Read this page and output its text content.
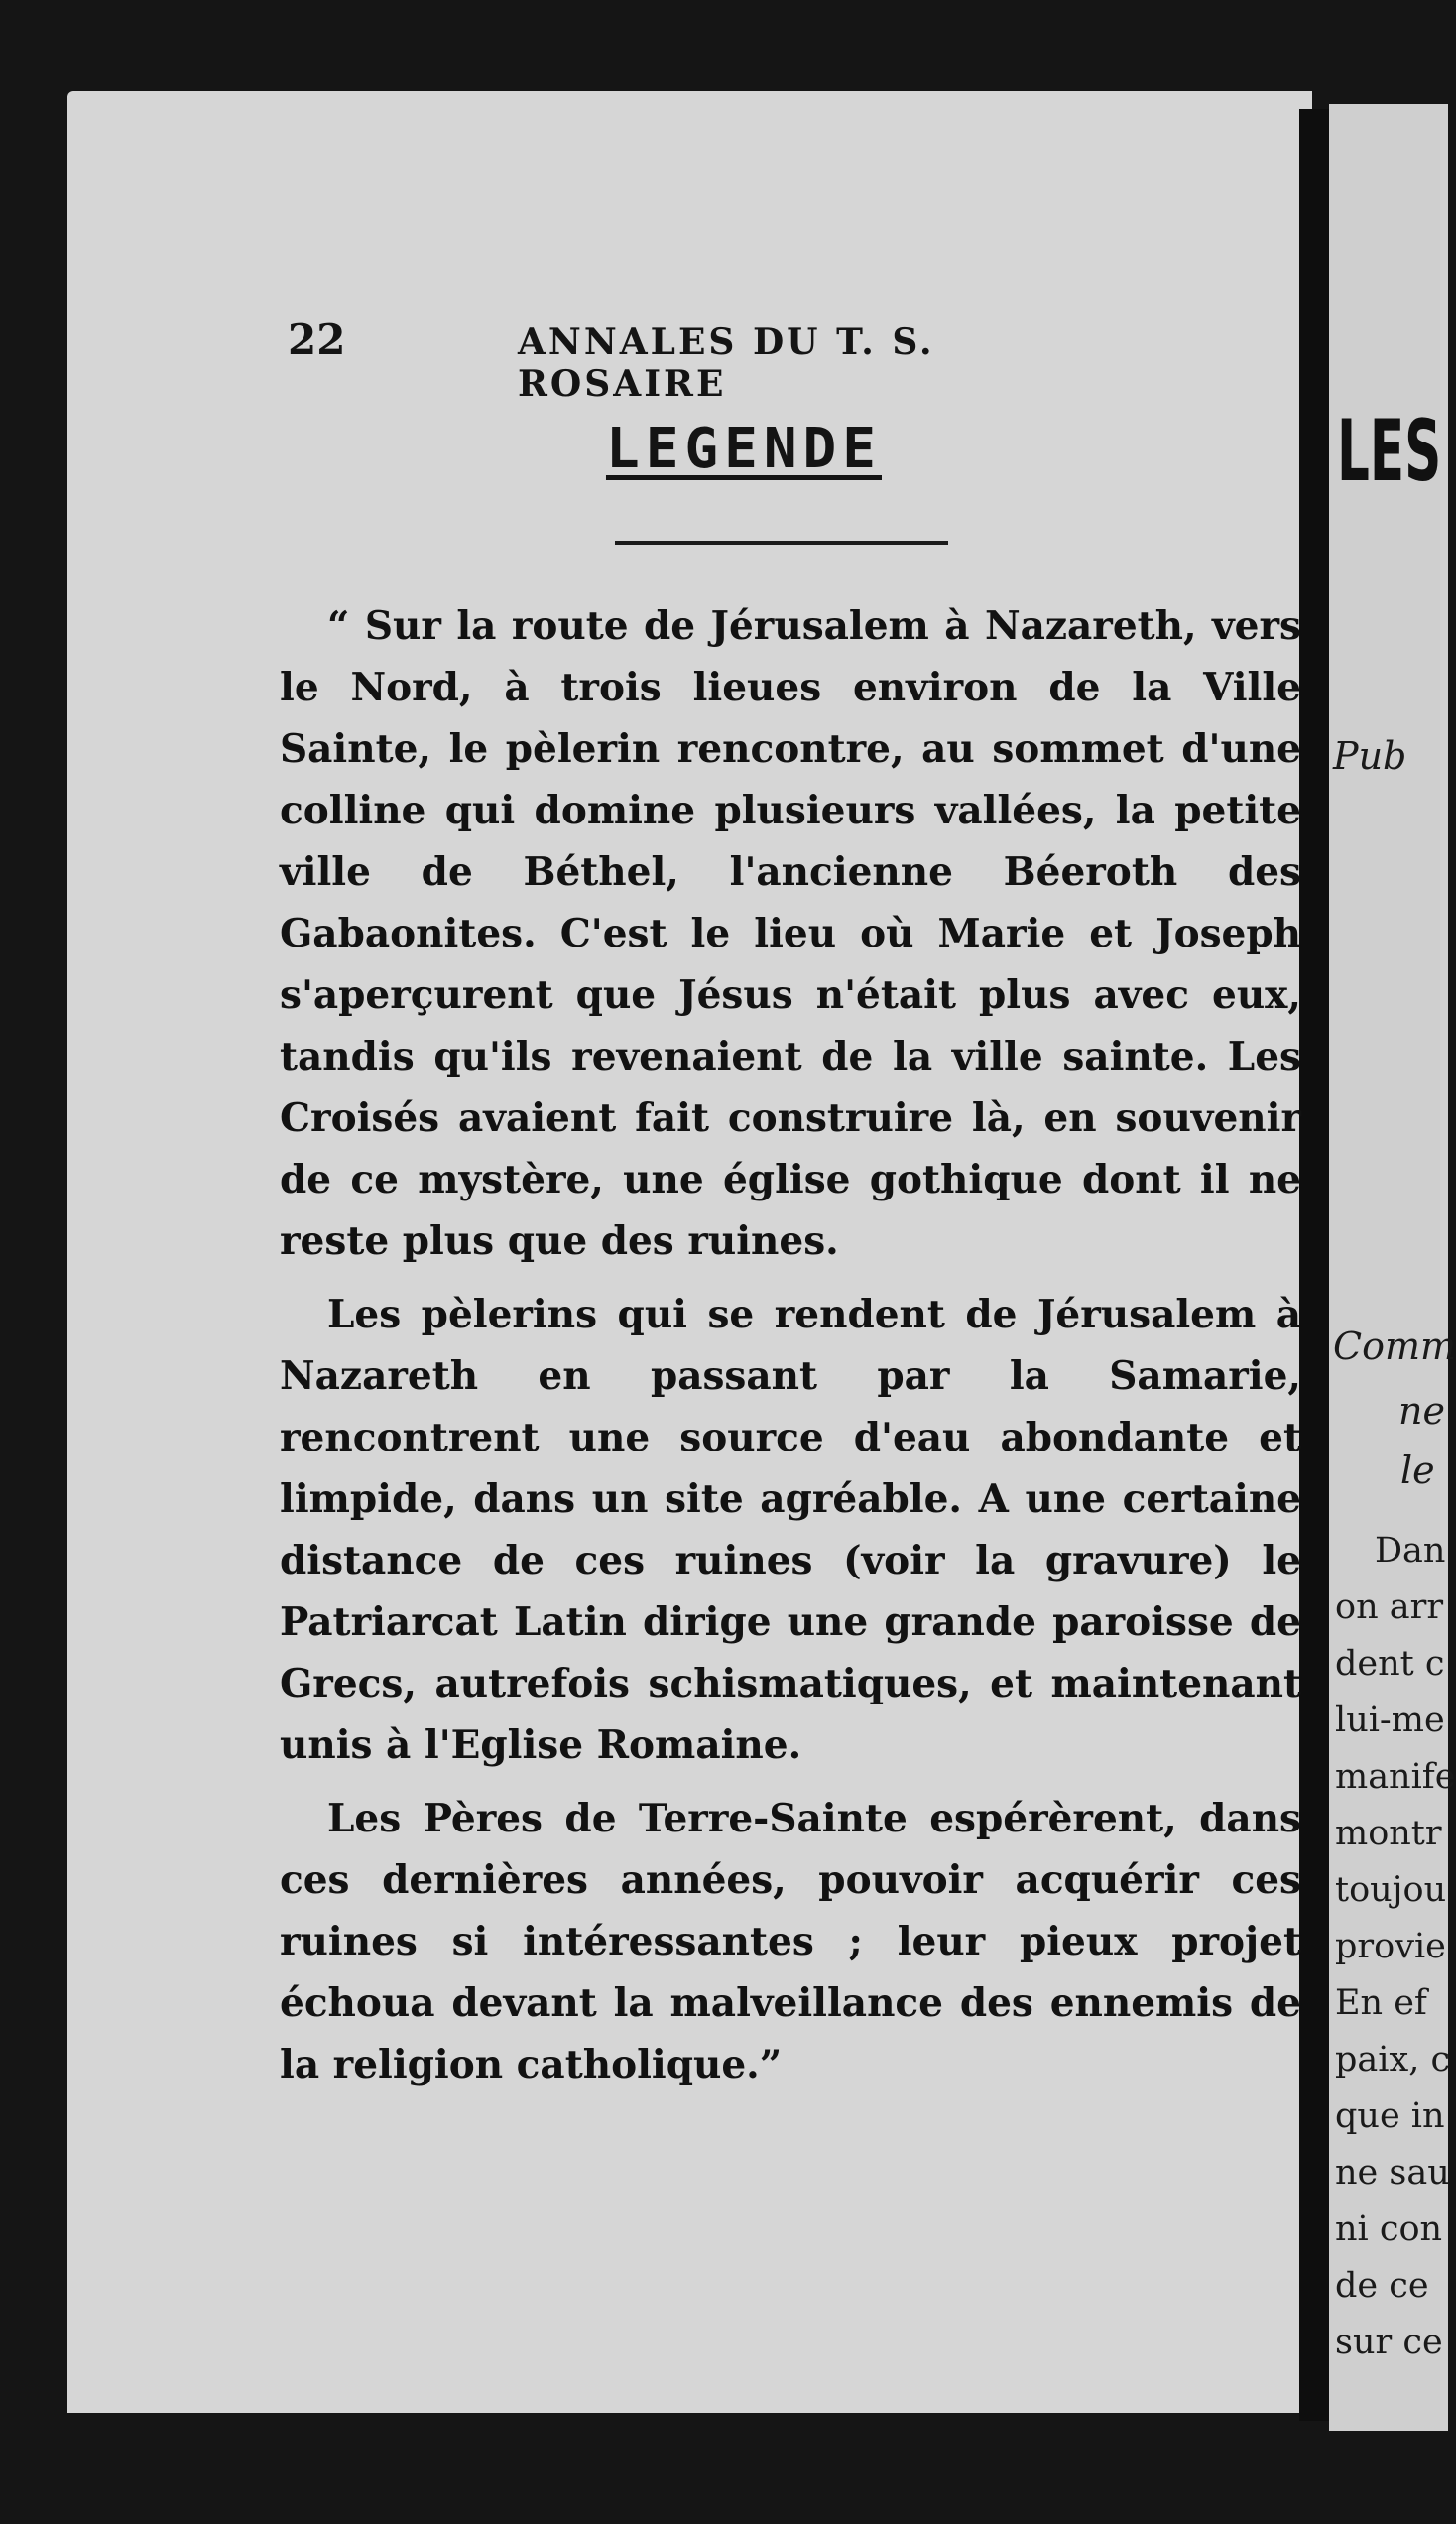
LES
Pub
Comm
ne
le
Dan
on arr
dent c
lui-me
manife
montr
toujou
provie
En ef
paix, c
que in
ne sau
ni con
de ce
sur ce
22	ANNALES DU T. S. ROSAIRE
LEGENDE

“ Sur la route de Jérusalem à Nazareth, vers le Nord, à trois lieues environ de la Ville Sainte, le pèlerin rencontre, au sommet d'une colline qui domine plusieurs vallées, la petite ville de Béthel, l'ancienne Béeroth des Gabaonites. C'est le lieu où Marie et Joseph s'aperçurent que Jésus n'était plus avec eux, tandis qu'ils revenaient de la ville sainte. Les Croisés avaient fait construire là, en souvenir de ce mystère, une église gothique dont il ne reste plus que des ruines.

Les pèlerins qui se rendent de Jérusalem à Nazareth en passant par la Samarie, rencontrent une source d'eau abondante et limpide, dans un site agréable. A une certaine distance de ces ruines (voir la gravure) le Patriarcat Latin dirige une grande paroisse de Grecs, autrefois schismatiques, et maintenant unis à l'Eglise Romaine.

Les Pères de Terre-Sainte espérèrent, dans ces dernières années, pouvoir acquérir ces ruines si intéressantes ; leur pieux projet échoua devant la malveillance des ennemis de la religion catholique.”
